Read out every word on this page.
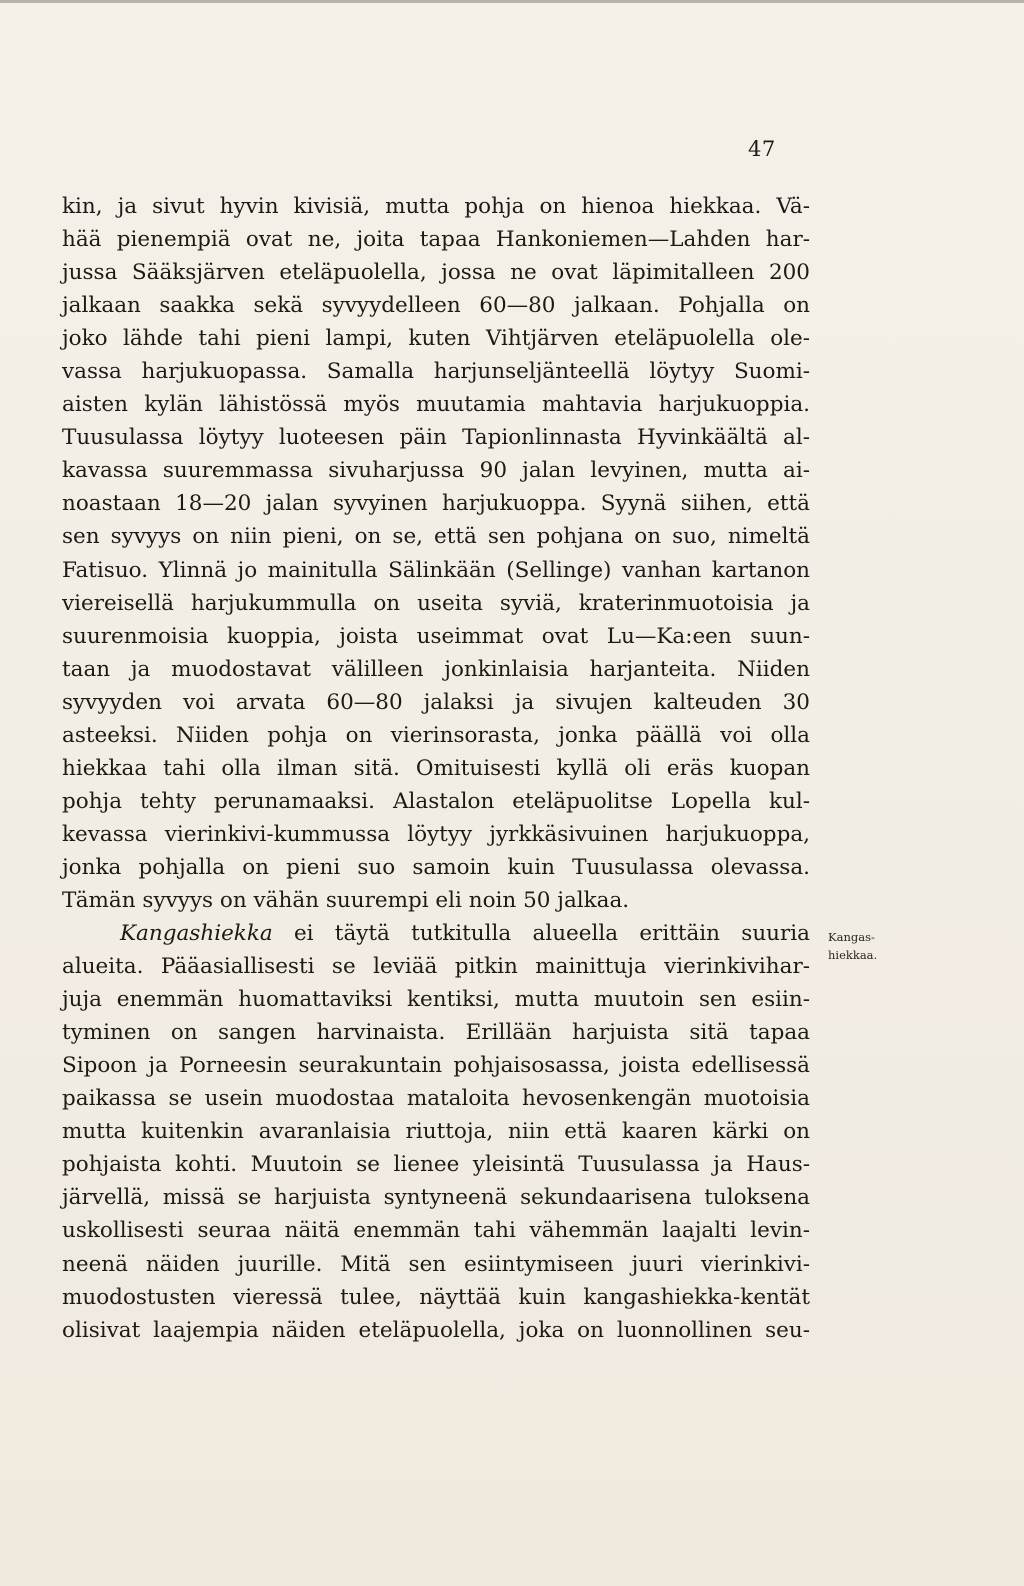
47
kin, ja sivut hyvin kivisiä, mutta pohja on hienoa hiekkaa. Vä-
hää pienempiä ovat ne, joita tapaa Hankoniemen—Lahden har-
jussa Sääksjärven eteläpuolella, jossa ne ovat läpimitalleen 200
jalkaan saakka sekä syvyydelleen 60—80 jalkaan. Pohjalla on
joko lähde tahi pieni lampi, kuten Vihtjärven eteläpuolella ole-
vassa harjukuopassa. Samalla harjunseljänteellä löytyy Suomi-
aisten kylän lähistössä myös muutamia mahtavia harjukuoppia.
Tuusulassa löytyy luoteesen päin Tapionlinnasta Hyvinkäältä al-
kavassa suuremmassa sivuharjussa 90 jalan levyinen, mutta ai-
noastaan 18—20 jalan syvyinen harjukuoppa. Syynä siihen, että
sen syvyys on niin pieni, on se, että sen pohjana on suo, nimeltä
Fatisuo. Ylinnä jo mainitulla Sälinkään (Sellinge) vanhan kartanon
viereisellä harjukummulla on useita syviä, kraterinmuotoisia ja
suurenmoisia kuoppia, joista useimmat ovat Lu—Ka:een suun-
taan ja muodostavat välilleen jonkinlaisia harjanteita. Niiden
syvyyden voi arvata 60—80 jalaksi ja sivujen kalteuden 30
asteeksi. Niiden pohja on vierinsorasta, jonka päällä voi olla
hiekkaa tahi olla ilman sitä. Omituisesti kyllä oli eräs kuopan
pohja tehty perunamaaksi. Alastalon eteläpuolitse Lopella kul-
kevassa vierinkivi-kummussa löytyy jyrkkäsivuinen harjukuoppa,
jonka pohjalla on pieni suo samoin kuin Tuusulassa olevassa.
Tämän syvyys on vähän suurempi eli noin 50 jalkaa.
Kangashiekka ei täytä tutkitulla alueella erittäin suuria
alueita. Pääasiallisesti se leviää pitkin mainittuja vierinkivihar-
juja enemmän huomattaviksi kentiksi, mutta muutoin sen esiin-
tyminen on sangen harvinaista. Erillään harjuista sitä tapaa
Sipoon ja Porneesin seurakuntain pohjaisosassa, joista edellisessä
paikassa se usein muodostaa mataloita hevosenkengän muotoisia
mutta kuitenkin avaranlaisia riuttoja, niin että kaaren kärki on
pohjaista kohti. Muutoin se lienee yleisintä Tuusulassa ja Haus-
järvellä, missä se harjuista syntyneenä sekundaarisena tuloksena
uskollisesti seuraa näitä enemmän tahi vähemmän laajalti levin-
neenä näiden juurille. Mitä sen esiintymiseen juuri vierinkivi-
muodostusten vieressä tulee, näyttää kuin kangashiekka-kentät
olisivat laajempia näiden eteläpuolella, joka on luonnollinen seu-
Kangas-
hiekkaa.
